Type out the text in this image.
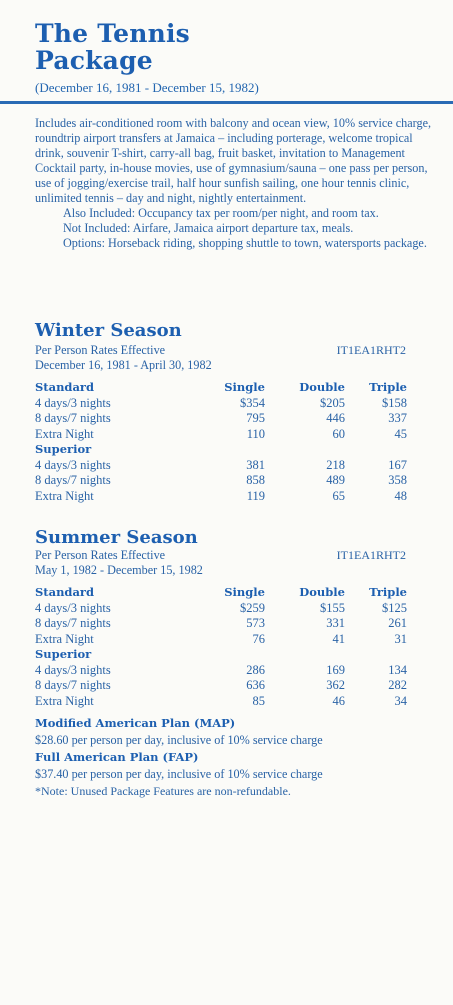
The Tennis
Package
(December 16, 1981 - December 15, 1982)

Includes air-conditioned room with balcony and ocean view, 10% service charge, roundtrip airport transfers at Jamaica – including porterage, welcome tropical drink, souvenir T-shirt, carry-all bag, fruit basket, invitation to Management Cocktail party, in-house movies, use of gymnasium/sauna – one pass per person, use of jogging/exercise trail, half hour sunfish sailing, one hour tennis clinic, unlimited tennis – day and night, nightly entertainment.

Also Included: Occupancy tax per room/per night, and room tax.

Not Included: Airfare, Jamaica airport departure tax, meals.

Options: Horseback riding, shopping shuttle to town, watersports package.

Winter Season
Per Person Rates Effective
December 16, 1981 - April 30, 1982
IT1EA1RHT2
Standard	Single	Double	Triple
4 days/3 nights	$354	$205	$158
8 days/7 nights	795	446	337
Extra Night	110	60	45
Superior			
4 days/3 nights	381	218	167
8 days/7 nights	858	489	358
Extra Night	119	65	48
Summer Season
Per Person Rates Effective
May 1, 1982 - December 15, 1982
IT1EA1RHT2
Standard	Single	Double	Triple
4 days/3 nights	$259	$155	$125
8 days/7 nights	573	331	261
Extra Night	76	41	31
Superior			
4 days/3 nights	286	169	134
8 days/7 nights	636	362	282
Extra Night	85	46	34
Modified American Plan (MAP)
$28.60 per person per day, inclusive of 10% service charge
Full American Plan (FAP)
$37.40 per person per day, inclusive of 10% service charge
*Note: Unused Package Features are non-refundable.
